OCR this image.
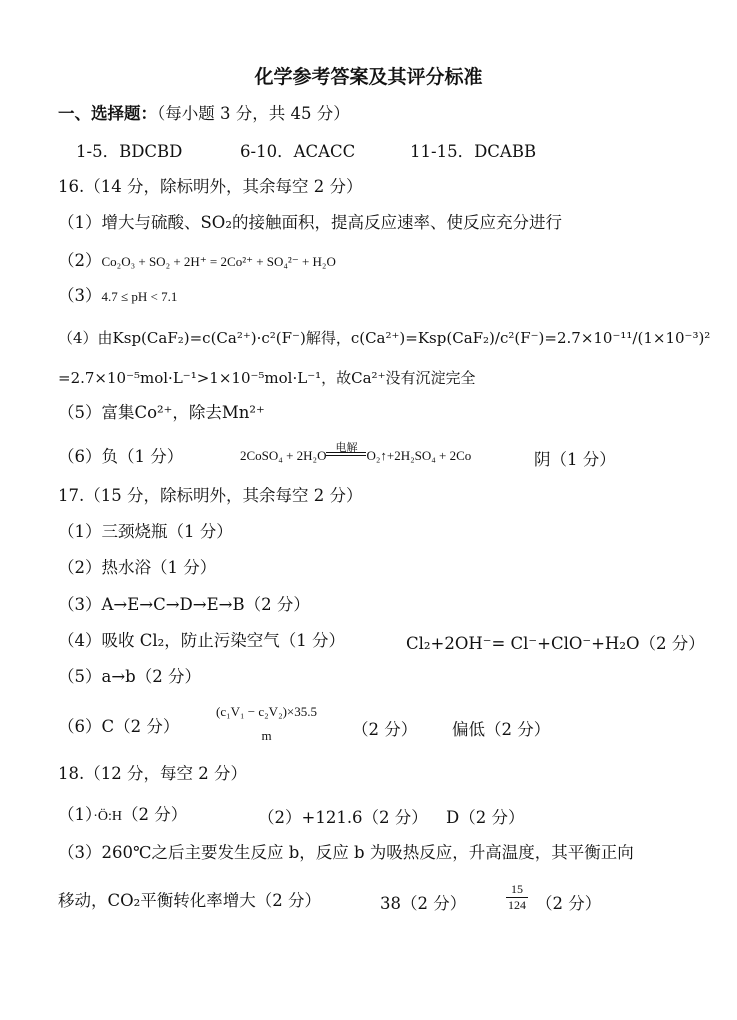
化学参考答案及其评分标准
一、选择题：（每小题 3 分，共 45 分）
1-5．BDCBD	6-10．ACACC	11-15．DCABB
16.（14 分，除标明外，其余每空 2 分）
（1）增大与硫酸、SO₂的接触面积，提高反应速率、使反应充分进行
（2）Co₂O₃ + SO₂ + 2H⁺ = 2Co²⁺ + SO₄²⁻ + H₂O
（3）4.7 ≤ pH < 7.1
（4）由Ksp(CaF₂)=c(Ca²⁺)·c²(F⁻)解得，c(Ca²⁺)=Ksp(CaF₂)/c²(F⁻)=2.7×10⁻¹¹/(1×10⁻³)²
=2.7×10⁻⁵mol·L⁻¹>1×10⁻⁵mol·L⁻¹，故Ca²⁺没有沉淀完全
（5）富集Co²⁺，除去Mn²⁺
（6）负（1 分）	2CoSO₄ + 2H₂O 电解 O₂↑+2H₂SO₄ + 2Co	阴（1 分）
17.（15 分，除标明外，其余每空 2 分）
（1）三颈烧瓶（1 分）
（2）热水浴（1 分）
（3）A→E→C→D→E→B（2 分）
（4）吸收 Cl₂，防止污染空气（1 分）	Cl₂+2OH⁻= Cl⁻+ClO⁻+H₂O（2 分）
（5）a→b（2 分）
（6）C（2 分）
(c₁V₁ − c₂V₂)×35.5
m	（2 分） 偏低（2 分）
18.（12 分，每空 2 分）
（1）·Ö:H（2 分）	（2）+121.6（2 分） D（2 分）
（3）260℃之后主要发生反应 b，反应 b 为吸热反应，升高温度，其平衡正向
移动，CO₂平衡转化率增大（2 分）	38（2 分）	$\frac{15}{124} (2$ 分）
